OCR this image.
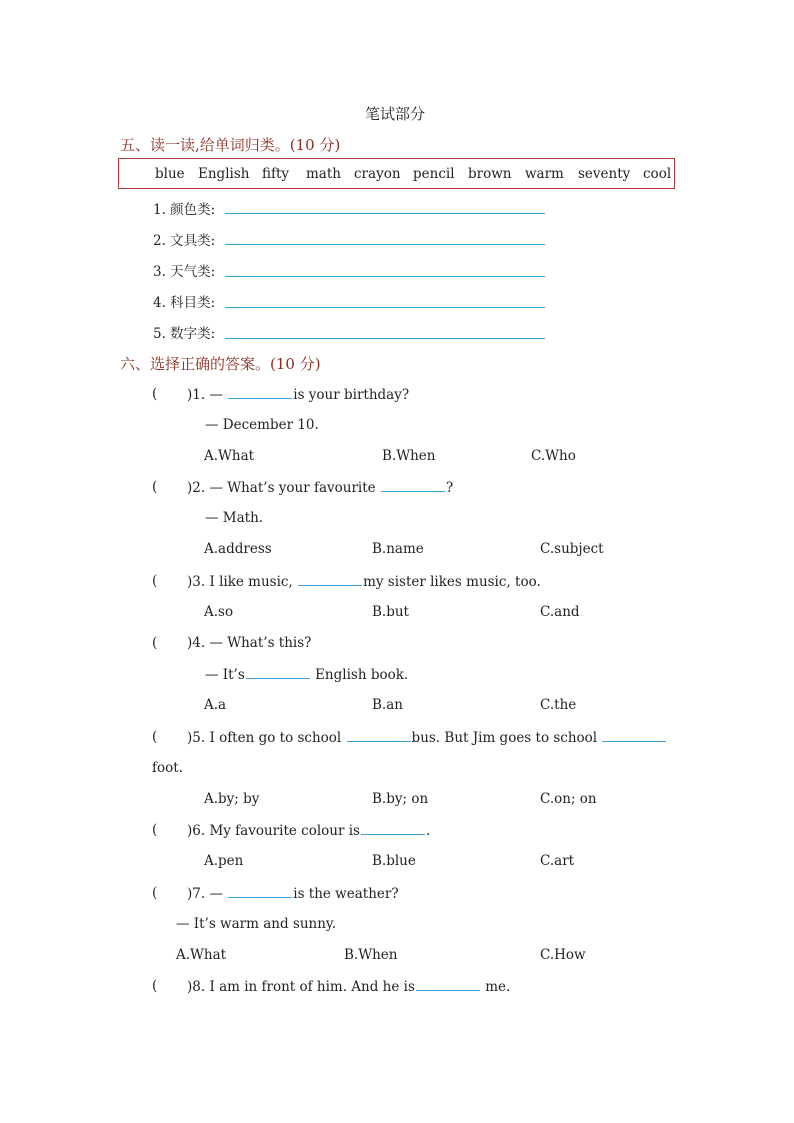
笔试部分
五、读一读,给单词归类。(10 分)
blue English fifty math crayon pencil brown warm seventy cool
1. 颜色类:
2. 文具类:
3. 天气类:
4. 科目类:
5. 数字类:
六、选择正确的答案。(10 分)
( )1. —	is your birthday?
— December 10.
A.What	B.When	C.Who
( )2. — What’s your favourite	?
— Math.
A.address	B.name	C.subject
( )3. I like music,	my sister likes music, too.
A.so	B.but	C.and
( )4. — What’s this?
— It’s	English book.
A.a	B.an	C.the
( )5. I often go to school	bus. But Jim goes to school
foot.
A.by; by	B.by; on	C.on; on
( )6. My favourite colour is	.
A.pen	B.blue	C.art
( )7. —	is the weather?
— It’s warm and sunny.
A.What	B.When	C.How
( )8. I am in front of him. And he is	me.
